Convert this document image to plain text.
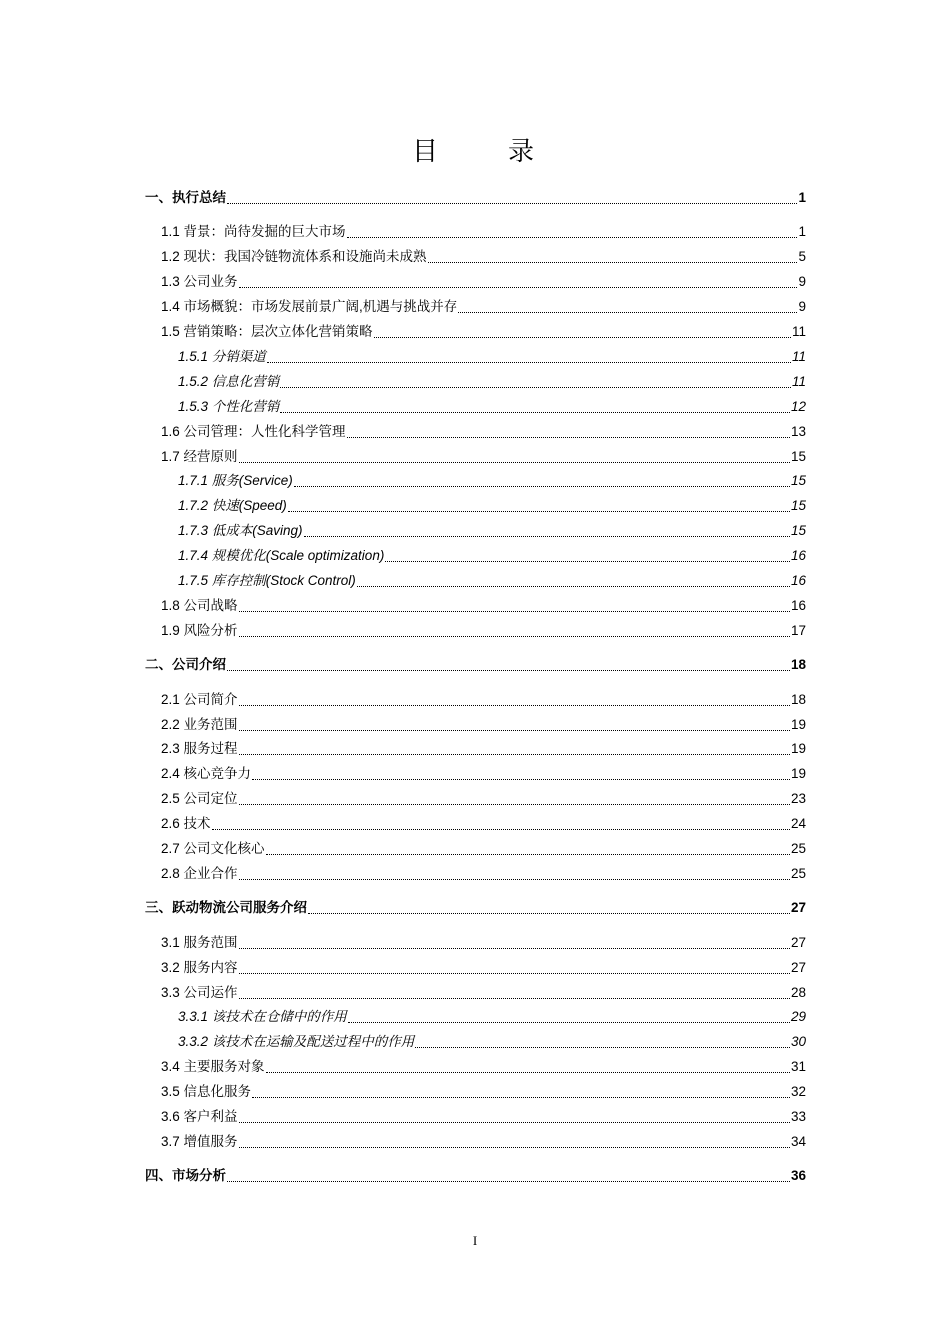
目　录
一、执行总结	1
1.1 背景：尚待发掘的巨大市场	1
1.2 现状：我国冷链物流体系和设施尚未成熟	5
1.3 公司业务	9
1.4 市场概貌：市场发展前景广阔,机遇与挑战并存	9
1.5 营销策略：层次立体化营销策略	11
1.5.1 分销渠道	11
1.5.2 信息化营销	11
1.5.3 个性化营销	12
1.6 公司管理：人性化科学管理	13
1.7 经营原则	15
1.7.1 服务(Service)	15
1.7.2 快速(Speed)	15
1.7.3 低成本(Saving)	15
1.7.4 规模优化(Scale optimization)	16
1.7.5 库存控制(Stock Control)	16
1.8 公司战略	16
1.9 风险分析	17
二、公司介绍	18
2.1 公司简介	18
2.2 业务范围	19
2.3 服务过程	19
2.4 核心竞争力	19
2.5 公司定位	23
2.6 技术	24
2.7 公司文化核心	25
2.8 企业合作	25
三、跃动物流公司服务介绍	27
3.1 服务范围	27
3.2 服务内容	27
3.3 公司运作	28
3.3.1 该技术在仓储中的作用	29
3.3.2 该技术在运输及配送过程中的作用	30
3.4 主要服务对象	31
3.5 信息化服务	32
3.6 客户利益	33
3.7 增值服务	34
四、市场分析	36
I
